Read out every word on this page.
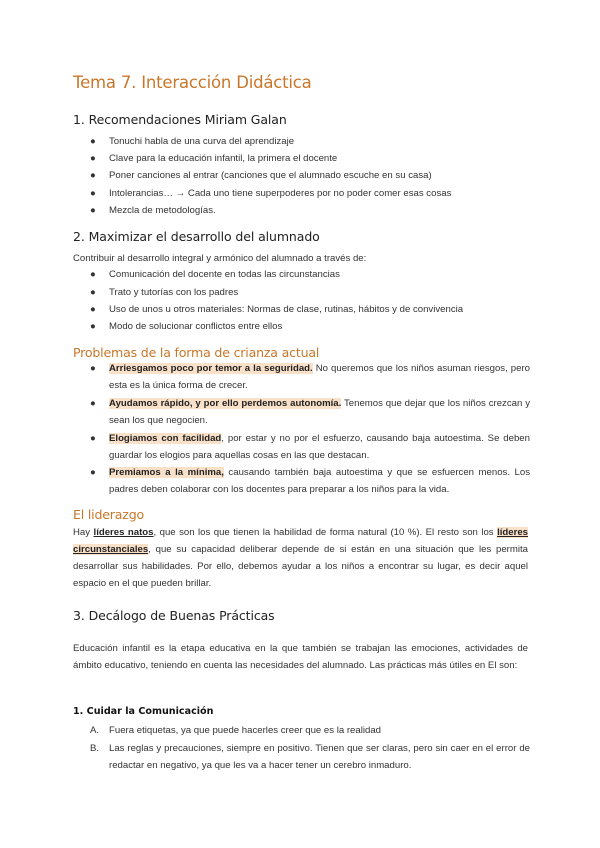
Tema 7. Interacción Didáctica
1. Recomendaciones Miriam Galan
● Tonuchi habla de una curva del aprendizaje
● Clave para la educación infantil, la primera el docente
● Poner canciones al entrar (canciones que el alumnado escuche en su casa)
● Intolerancias… → Cada uno tiene superpoderes por no poder comer esas cosas
● Mezcla de metodologías.
2. Maximizar el desarrollo del alumnado
Contribuir al desarrollo integral y armónico del alumnado a través de:
● Comunicación del docente en todas las circunstancias
● Trato y tutorías con los padres
● Uso de unos u otros materiales: Normas de clase, rutinas, hábitos y de convivencia
● Modo de solucionar conflictos entre ellos
Problemas de la forma de crianza actual
● Arriesgamos poco por temor a la seguridad. No queremos que los niños asuman riesgos, pero esta es la única forma de crecer.
● Ayudamos rápido, y por ello perdemos autonomía. Tenemos que dejar que los niños crezcan y sean los que negocien.
● Elogiamos con facilidad, por estar y no por el esfuerzo, causando baja autoestima. Se deben guardar los elogios para aquellas cosas en las que destacan.
● Premiamos a la mínima, causando también baja autoestima y que se esfuercen menos. Los padres deben colaborar con los docentes para preparar a los niños para la vida.
El liderazgo
Hay líderes natos, que son los que tienen la habilidad de forma natural (10 %). El resto son los líderes circunstanciales, que su capacidad deliberar depende de si están en una situación que les permita desarrollar sus habilidades. Por ello, debemos ayudar a los niños a encontrar su lugar, es decir aquel espacio en el que pueden brillar.
3. Decálogo de Buenas Prácticas
Educación infantil es la etapa educativa en la que también se trabajan las emociones, actividades de ámbito educativo, teniendo en cuenta las necesidades del alumnado. Las prácticas más útiles en El son:
1. Cuidar la Comunicación
A. Fuera etiquetas, ya que puede hacerles creer que es la realidad
B. Las reglas y precauciones, siempre en positivo. Tienen que ser claras, pero sin caer en el error de redactar en negativo, ya que les va a hacer tener un cerebro inmaduro.
